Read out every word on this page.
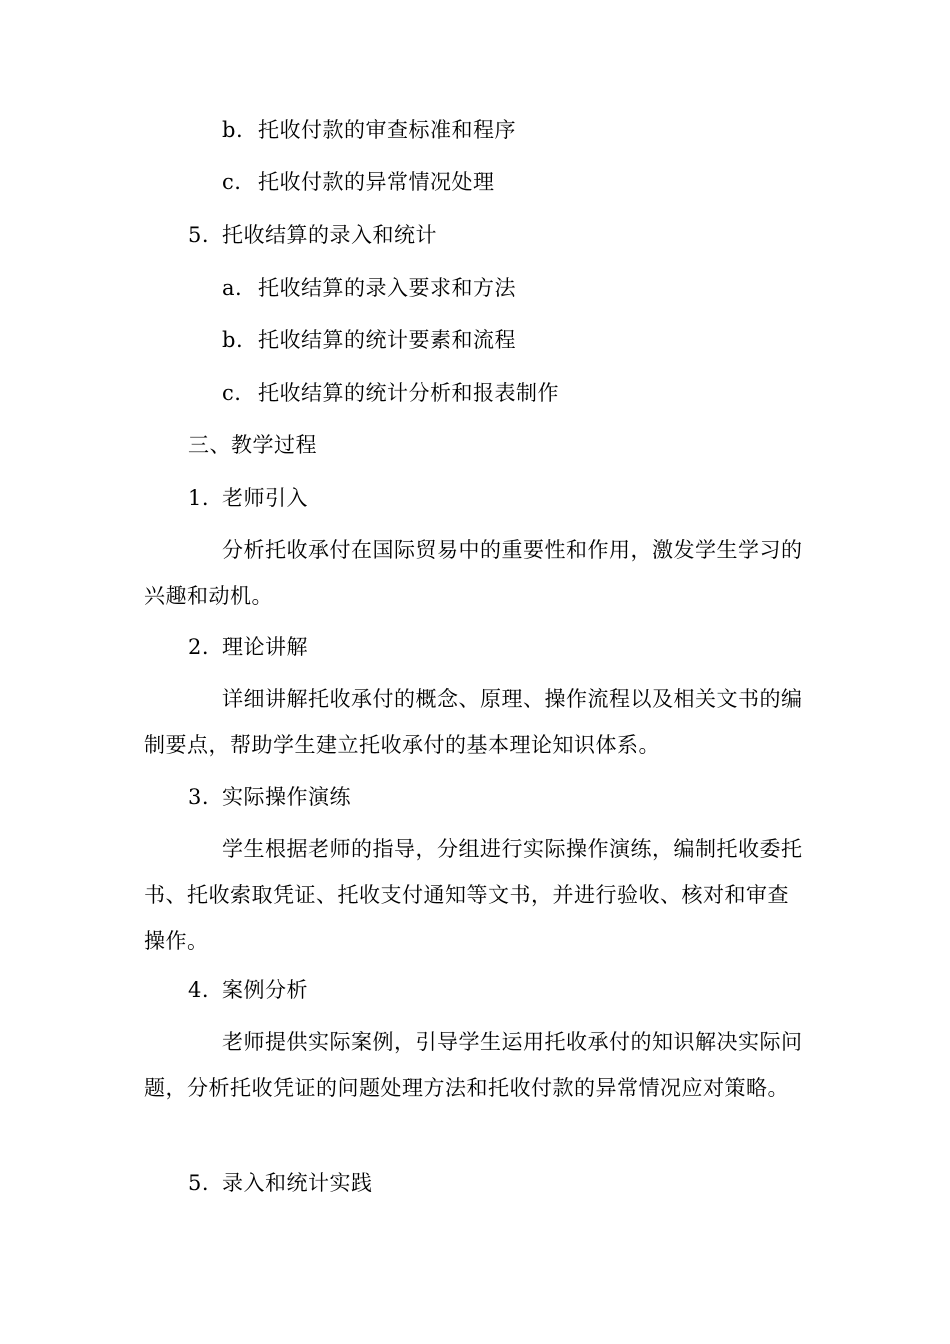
b. 托收付款的审查标准和程序
c. 托收付款的异常情况处理
5. 托收结算的录入和统计
a. 托收结算的录入要求和方法
b. 托收结算的统计要素和流程
c. 托收结算的统计分析和报表制作
三、教学过程
1. 老师引入
分析托收承付在国际贸易中的重要性和作用，激发学生学习的兴趣和动机。
2. 理论讲解
详细讲解托收承付的概念、原理、操作流程以及相关文书的编制要点，帮助学生建立托收承付的基本理论知识体系。
3. 实际操作演练
学生根据老师的指导，分组进行实际操作演练，编制托收委托书、托收索取凭证、托收支付通知等文书，并进行验收、核对和审查操作。
4. 案例分析
老师提供实际案例，引导学生运用托收承付的知识解决实际问题，分析托收凭证的问题处理方法和托收付款的异常情况应对策略。
5. 录入和统计实践
